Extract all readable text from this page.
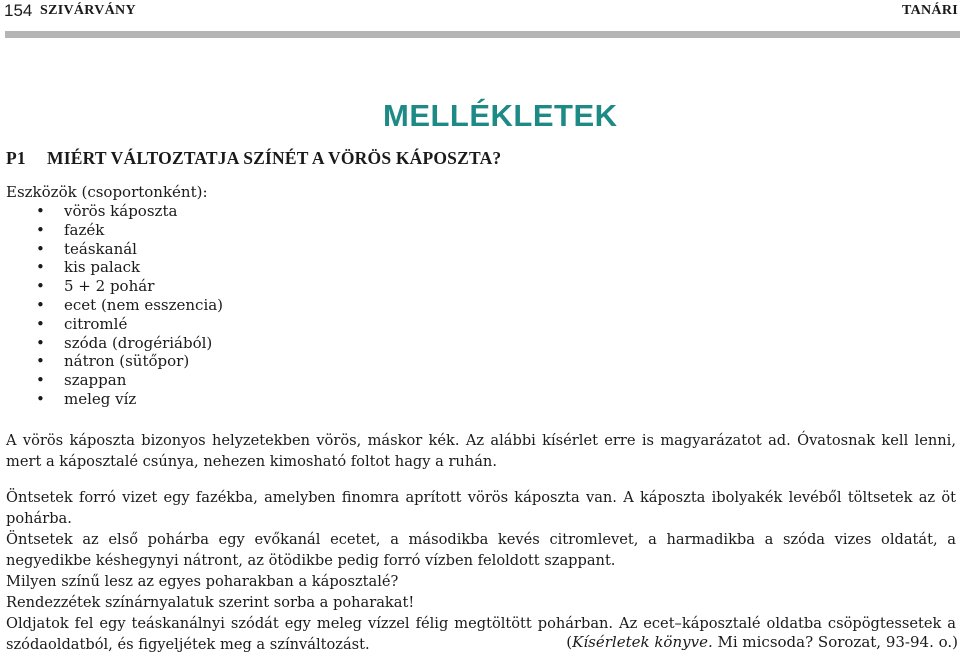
154 SZIVÁRVÁNY	TANÁRI
MELLÉKLETEK
P1 MIÉRT VÁLTOZTATJA SZÍNÉT A VÖRÖS KÁPOSZTA?
Eszközök (csoportonként):
• vörös káposzta
• fazék
• teáskanál
• kis palack
• 5 + 2 pohár
• ecet (nem esszencia)
• citromlé
• szóda (drogériából)
• nátron (sütőpor)
• szappan
• meleg víz

A vörös káposzta bizonyos helyzetekben vörös, máskor kék. Az alábbi kísérlet erre is magyarázatot ad. Óvatosnak kell lenni, mert a káposztalé csúnya, nehezen kimosható foltot hagy a ruhán.

Öntsetek forró vizet egy fazékba, amelyben finomra aprított vörös káposzta van. A káposzta ibolyakék levéből töltsetek az öt pohárba.
Öntsetek az első pohárba egy evőkanál ecetet, a másodikba kevés citromlevet, a harmadikba a szóda vizes oldatát, a negyedikbe késhegynyi nátront, az ötödikbe pedig forró vízben feloldott szappant.
Milyen színű lesz az egyes poharakban a káposztalé?
Rendezzétek színárnyalatuk szerint sorba a poharakat!
Oldjatok fel egy teáskanálnyi szódát egy meleg vízzel félig megtöltött pohárban. Az ecet–káposztalé oldatba csöpögtessetek a szódaoldatból, és figyeljétek meg a színváltozást.	(Kísérletek könyve. Mi micsoda? Sorozat, 93-94. o.)
